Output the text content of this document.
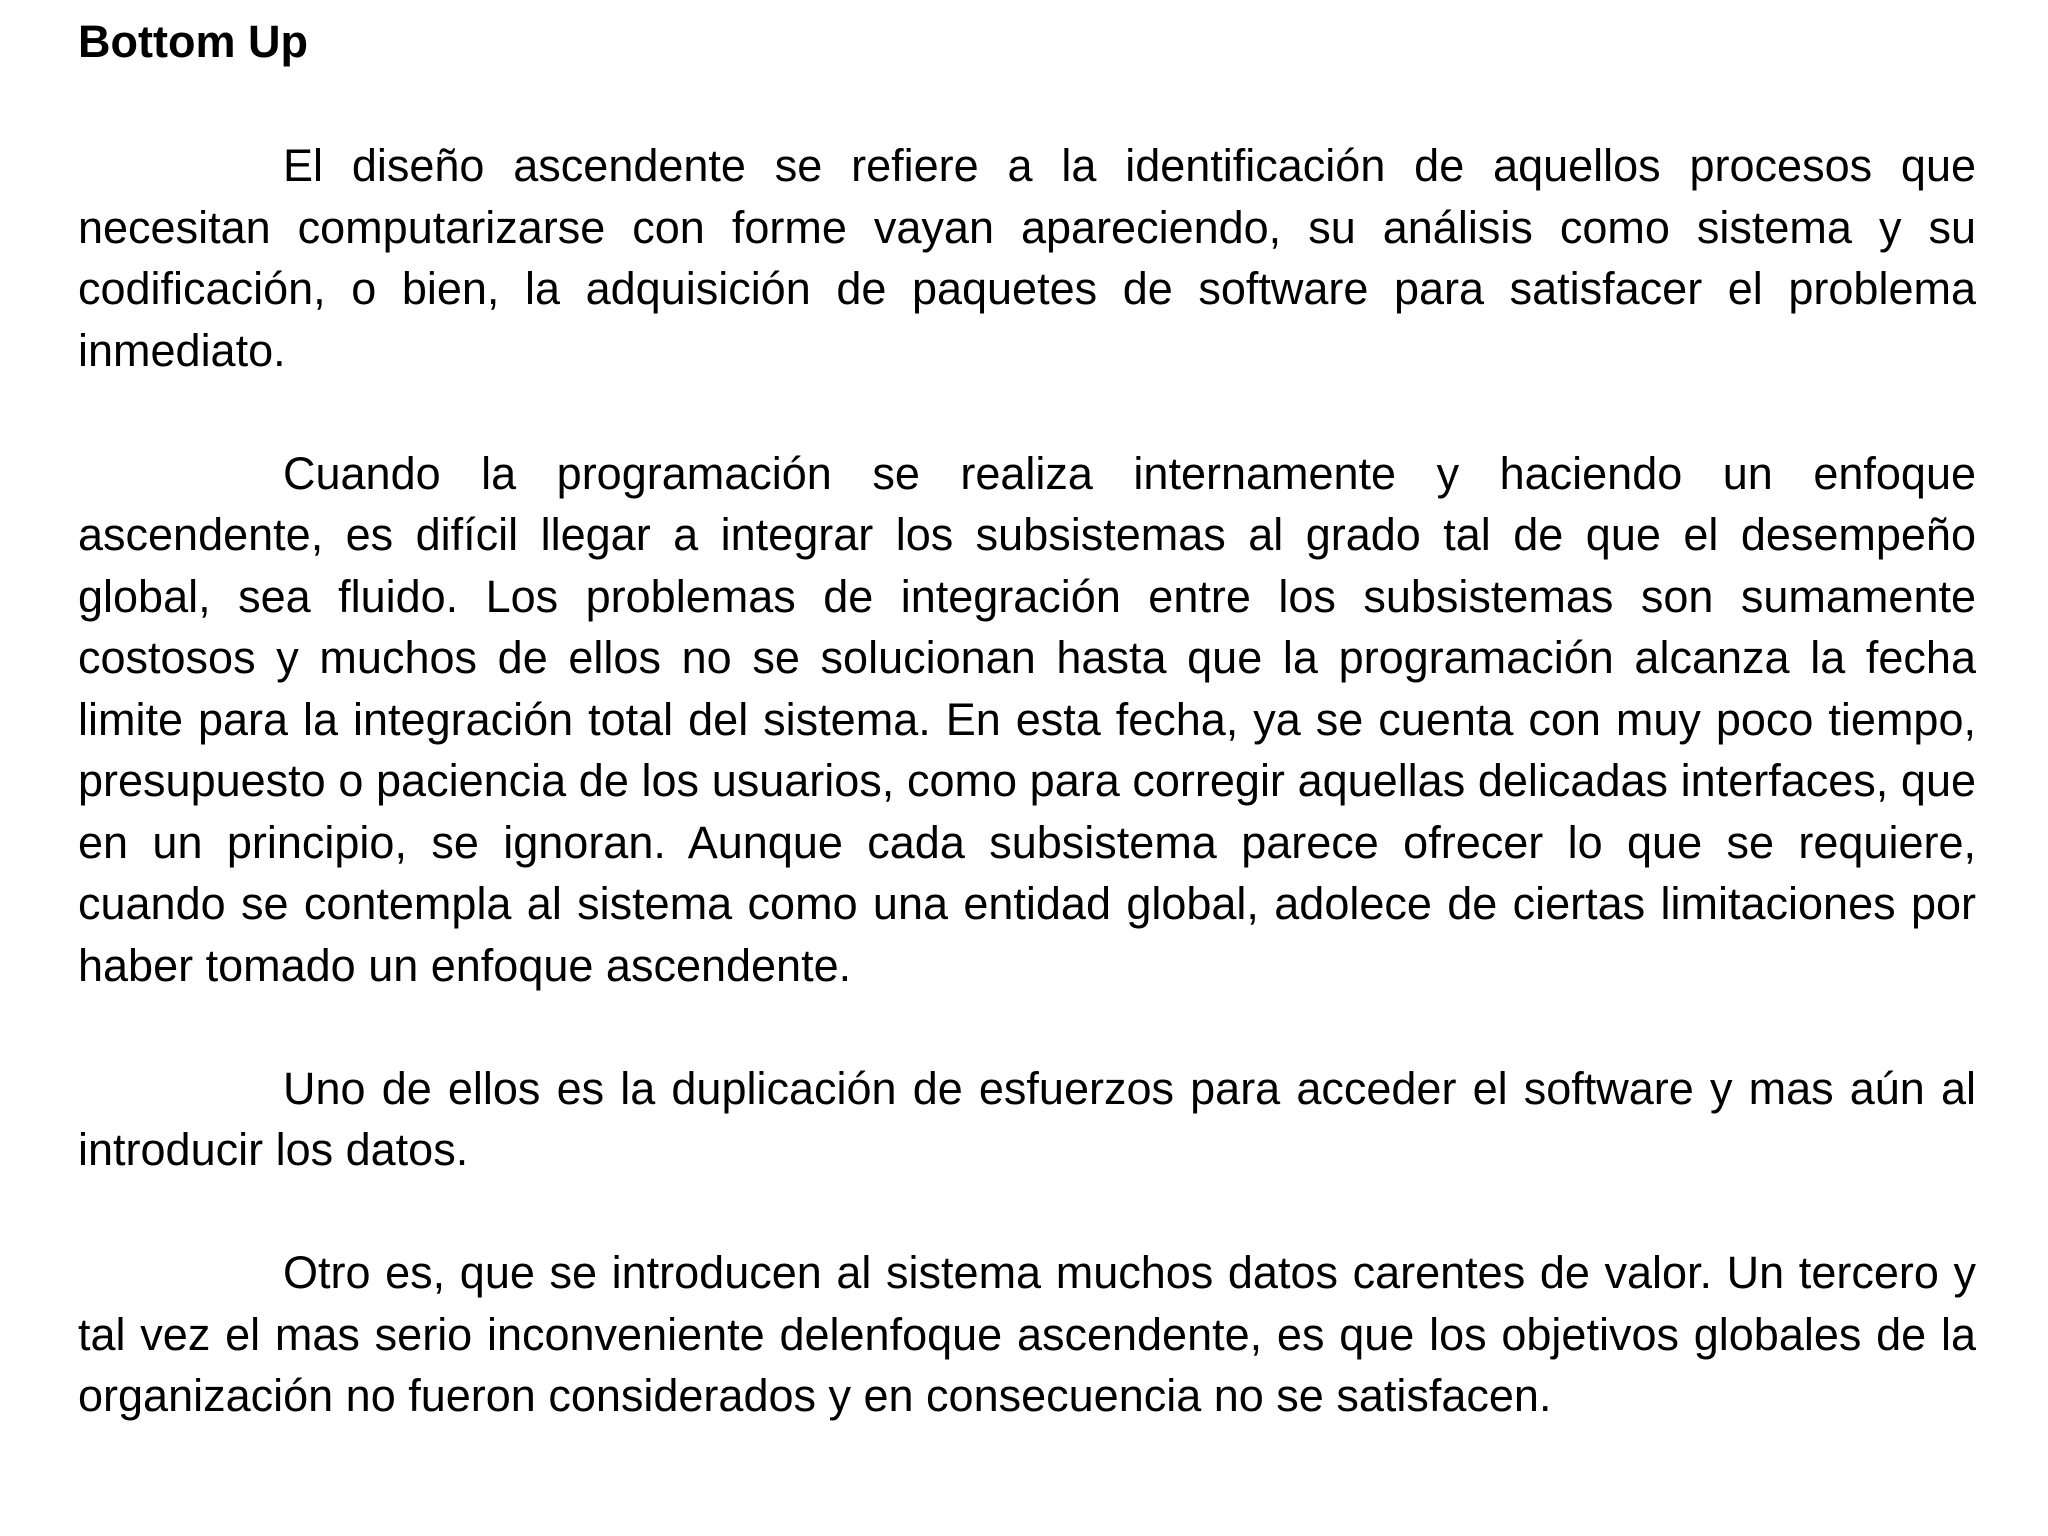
Bottom Up

El diseño ascendente se refiere a la identificación de aquellos procesos que necesitan computarizarse con forme vayan apareciendo, su análisis como sistema y su codificación, o bien, la adquisición de paquetes de software para satisfacer el problema inmediato.

Cuando la programación se realiza internamente y haciendo un enfoque ascendente, es difícil llegar a integrar los subsistemas al grado tal de que el desempeño global, sea fluido. Los problemas de integración entre los subsistemas son sumamente costosos y muchos de ellos no se solucionan hasta que la programación alcanza la fecha limite para la integración total del sistema. En esta fecha, ya se cuenta con muy poco tiempo, presupuesto o paciencia de los usuarios, como para corregir aquellas delicadas interfaces, que en un principio, se ignoran. Aunque cada subsistema parece ofrecer lo que se requiere, cuando se contempla al sistema como una entidad global, adolece de ciertas limitaciones por haber tomado un enfoque ascendente.

Uno de ellos es la duplicación de esfuerzos para acceder el software y mas aún al introducir los datos.

Otro es, que se introducen al sistema muchos datos carentes de valor. Un tercero y tal vez el mas serio inconveniente delenfoque ascendente, es que los objetivos globales de la organización no fueron considerados y en consecuencia no se satisfacen.
